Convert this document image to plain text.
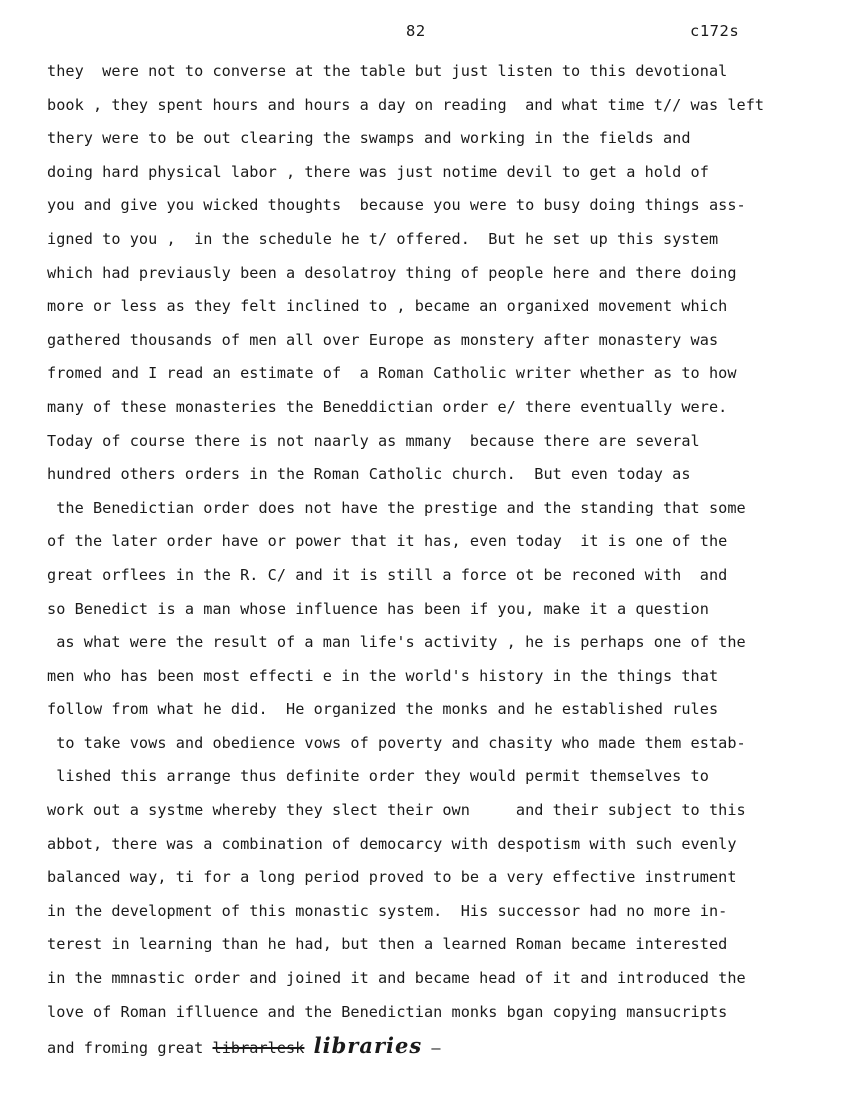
82	c172s
they  were not to converse at the table but just listen to this devotional
book , they spent hours and hours a day on reading  and what time t// was left
thery were to be out clearing the swamps and working in the fields and
doing hard physical labor , there was just notime devil to get a hold of
you and give you wicked thoughts  because you were to busy doing things ass-
igned to you ,  in the schedule he t/ offered.  But he set up this system
which had previausly been a desolatroy thing of people here and there doing
more or less as they felt inclined to , became an organixed movement which
gathered thousands of men all over Europe as monstery after monastery was
fromed and I read an estimate of  a Roman Catholic writer whether as to how
many of these monasteries the Beneddictian order e/ there eventually were.
Today of course there is not naarly as mmany  because there are several
hundred others orders in the Roman Catholic church.  But even today as
the Benedictian order does not have the prestige and the standing that some
of the later order have or power that it has, even today  it is one of the
great orflees in the R. C/ and it is still a force ot be reconed with  and
so Benedict is a man whose influence has been if you, make it a question
as what were the result of a man life's activity , he is perhaps one of the
men who has been most effecti e in the world's history in the things that
follow from what he did.  He organized the monks and he established rules
to take vows and obedience vows of poverty and chasity who made them estab-
lished this arrange thus definite order they would permit themselves to
work out a systme whereby they slect their own     and their subject to this
abbot, there was a combination of democarcy with despotism with such evenly
balanced way, ti for a long period proved to be a very effective instrument
in the development of this monastic system.  His successor had no more in-
terest in learning than he had, but then a learned Roman became interested
in the mmnastic order and joined it and became head of it and introduced the
love of Roman iflluence and the Benedictian monks bgan copying mansucripts
and froming great librarlesk libraries —
